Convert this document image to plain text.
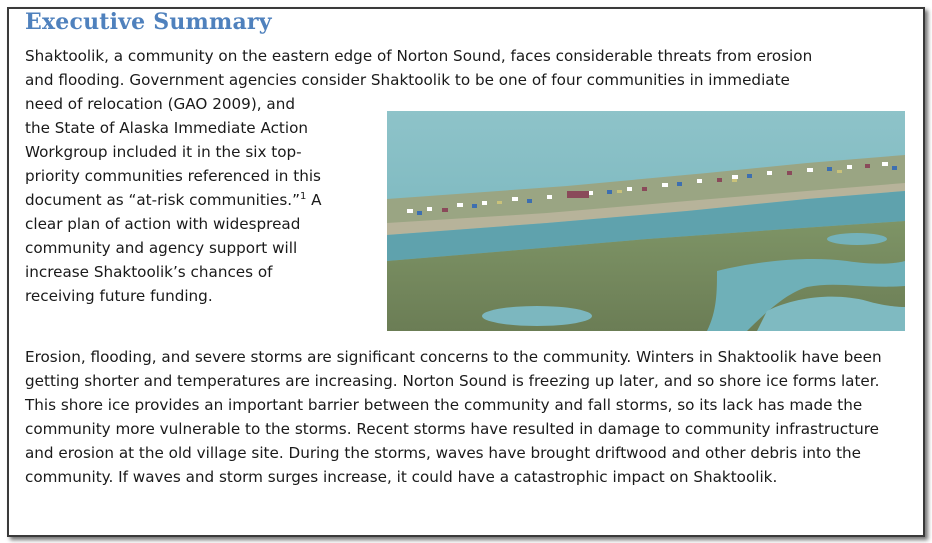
Executive Summary

Shaktoolik, a community on the eastern edge of Norton Sound, faces considerable threats from erosion
and flooding. Government agencies consider Shaktoolik to be one of four communities in immediate

need of relocation (GAO 2009), and
the State of Alaska Immediate Action
Workgroup included it in the six top-
priority communities referenced in this
document as “at-risk communities.”$^1$ A
clear plan of action with widespread
community and agency support will
increase Shaktoolik’s chances of
receiving future funding.

Erosion, flooding, and severe storms are significant concerns to the community. Winters in Shaktoolik have been getting shorter and temperatures are increasing. Norton Sound is freezing up later, and so shore ice forms later. This shore ice provides an important barrier between the community and fall storms, so its lack has made the community more vulnerable to the storms. Recent storms have resulted in damage to community infrastructure and erosion at the old village site. During the storms, waves have brought driftwood and other debris into the community. If waves and storm surges increase, it could have a catastrophic impact on Shaktoolik.
